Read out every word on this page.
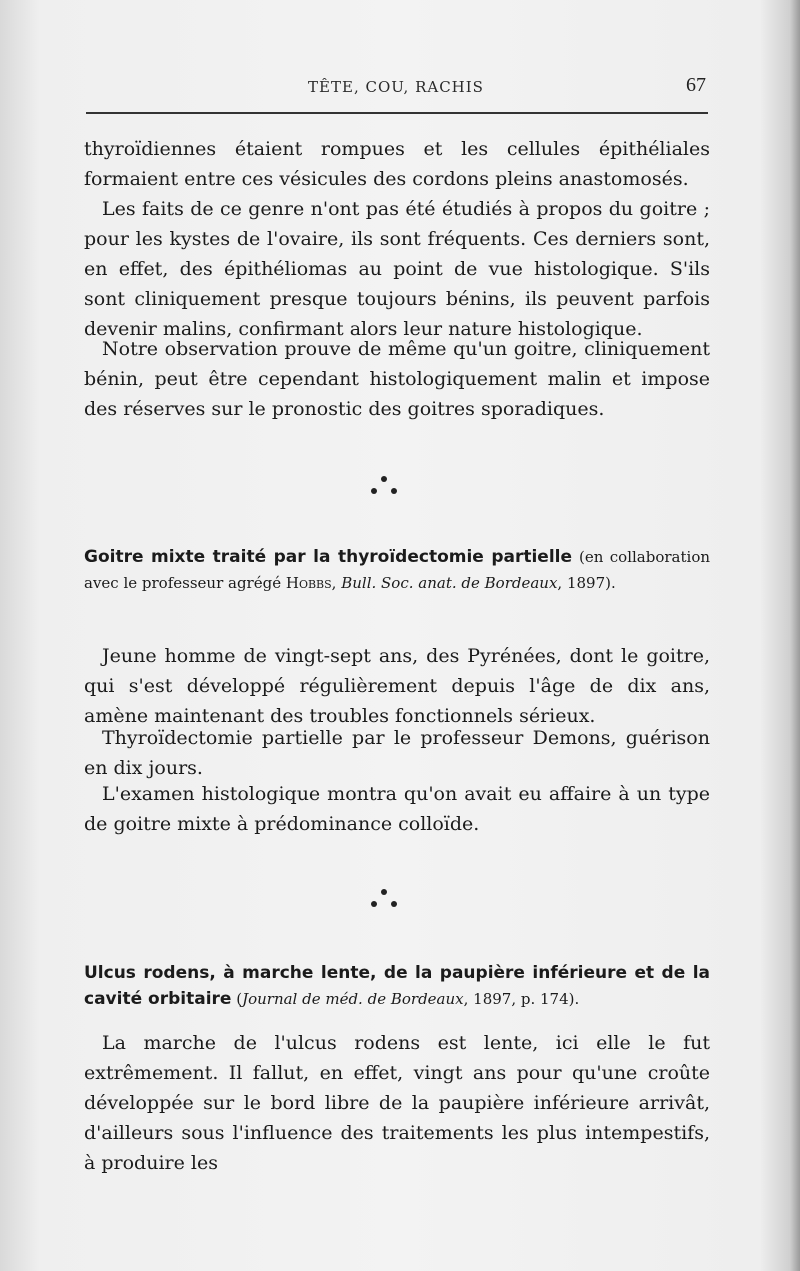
TÊTE, COU, RACHIS	67

thyroïdiennes étaient rompues et les cellules épithéliales formaient entre ces vésicules des cordons pleins anastomosés.

Les faits de ce genre n'ont pas été étudiés à propos du goitre ; pour les kystes de l'ovaire, ils sont fréquents. Ces derniers sont, en effet, des épithéliomas au point de vue histologique. S'ils sont cliniquement presque toujours bénins, ils peuvent parfois devenir malins, confirmant alors leur nature histologique.

Notre observation prouve de même qu'un goitre, cliniquement bénin, peut être cependant histologiquement malin et impose des réserves sur le pronostic des goitres sporadiques.

Goitre mixte traité par la thyroïdectomie partielle (en collaboration avec le professeur agrégé Hobbs, Bull. Soc. anat. de Bordeaux, 1897).

Jeune homme de vingt-sept ans, des Pyrénées, dont le goitre, qui s'est développé régulièrement depuis l'âge de dix ans, amène maintenant des troubles fonctionnels sérieux.

Thyroïdectomie partielle par le professeur Demons, guérison en dix jours.

L'examen histologique montra qu'on avait eu affaire à un type de goitre mixte à prédominance colloïde.

Ulcus rodens, à marche lente, de la paupière inférieure et de la cavité orbitaire (Journal de méd. de Bordeaux, 1897, p. 174).

La marche de l'ulcus rodens est lente, ici elle le fut extrêmement. Il fallut, en effet, vingt ans pour qu'une croûte développée sur le bord libre de la paupière inférieure arrivât, d'ailleurs sous l'influence des traitements les plus intempestifs, à produire les
